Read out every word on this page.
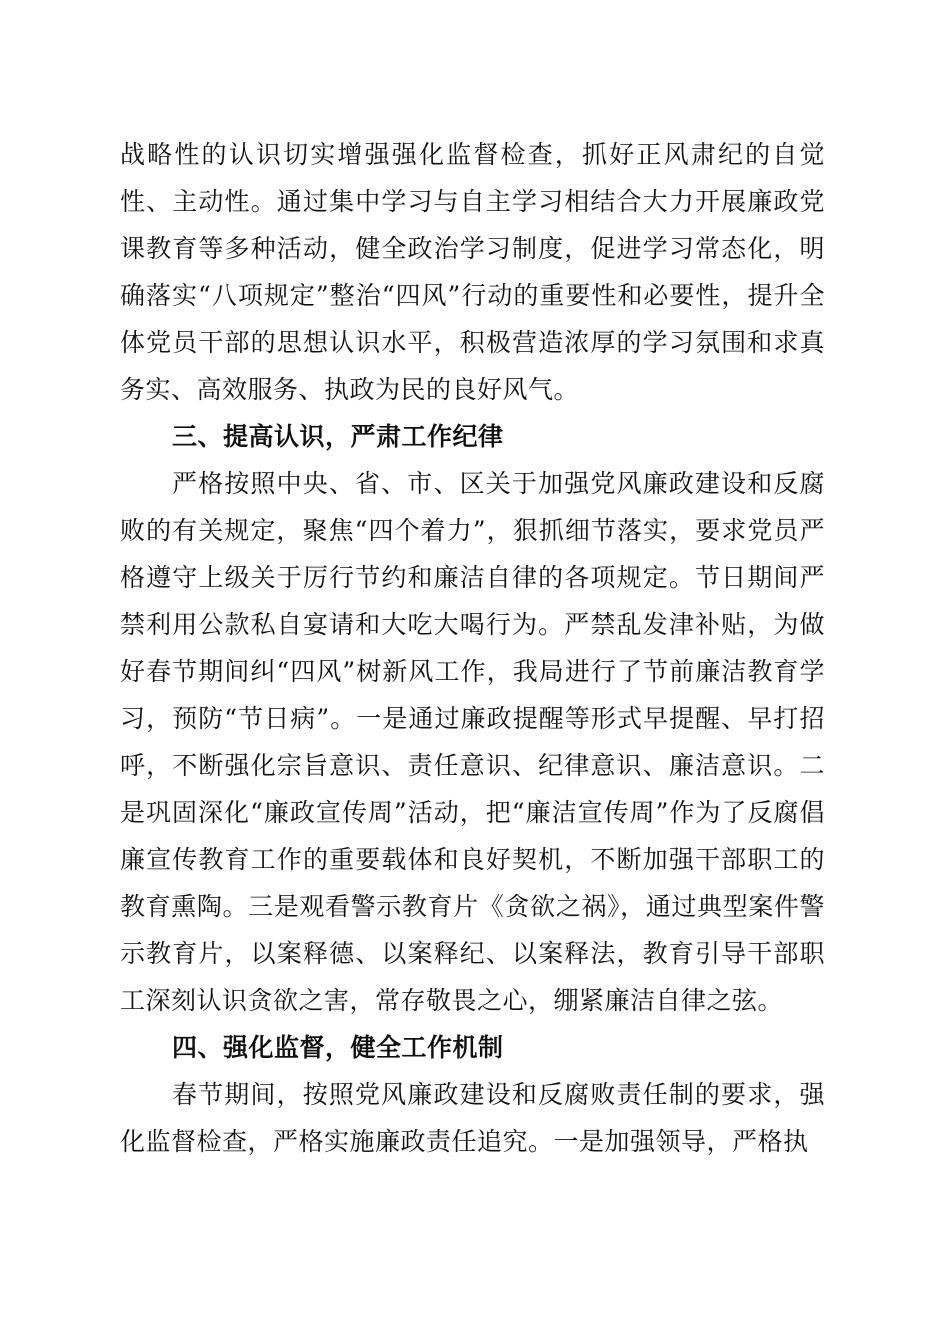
战略性的认识切实增强强化监督检查，抓好正风肃纪的自觉性、主动性。通过集中学习与自主学习相结合大力开展廉政党课教育等多种活动，健全政治学习制度，促进学习常态化，明确落实“八项规定”整治“四风”行动的重要性和必要性，提升全体党员干部的思想认识水平，积极营造浓厚的学习氛围和求真务实、高效服务、执政为民的良好风气。

三、提高认识，严肃工作纪律

严格按照中央、省、市、区关于加强党风廉政建设和反腐败的有关规定，聚焦“四个着力”，狠抓细节落实，要求党员严格遵守上级关于厉行节约和廉洁自律的各项规定。节日期间严禁利用公款私自宴请和大吃大喝行为。严禁乱发津补贴，为做好春节期间纠“四风”树新风工作，我局进行了节前廉洁教育学习，预防“节日病”。一是通过廉政提醒等形式早提醒、早打招呼，不断强化宗旨意识、责任意识、纪律意识、廉洁意识。二是巩固深化“廉政宣传周”活动，把“廉洁宣传周”作为了反腐倡廉宣传教育工作的重要载体和良好契机，不断加强干部职工的教育熏陶。三是观看警示教育片《贪欲之祸》，通过典型案件警示教育片，以案释德、以案释纪、以案释法，教育引导干部职工深刻认识贪欲之害，常存敬畏之心，绷紧廉洁自律之弦。

四、强化监督，健全工作机制

春节期间，按照党风廉政建设和反腐败责任制的要求，强化监督检查，严格实施廉政责任追究。一是加强领导，严格执
